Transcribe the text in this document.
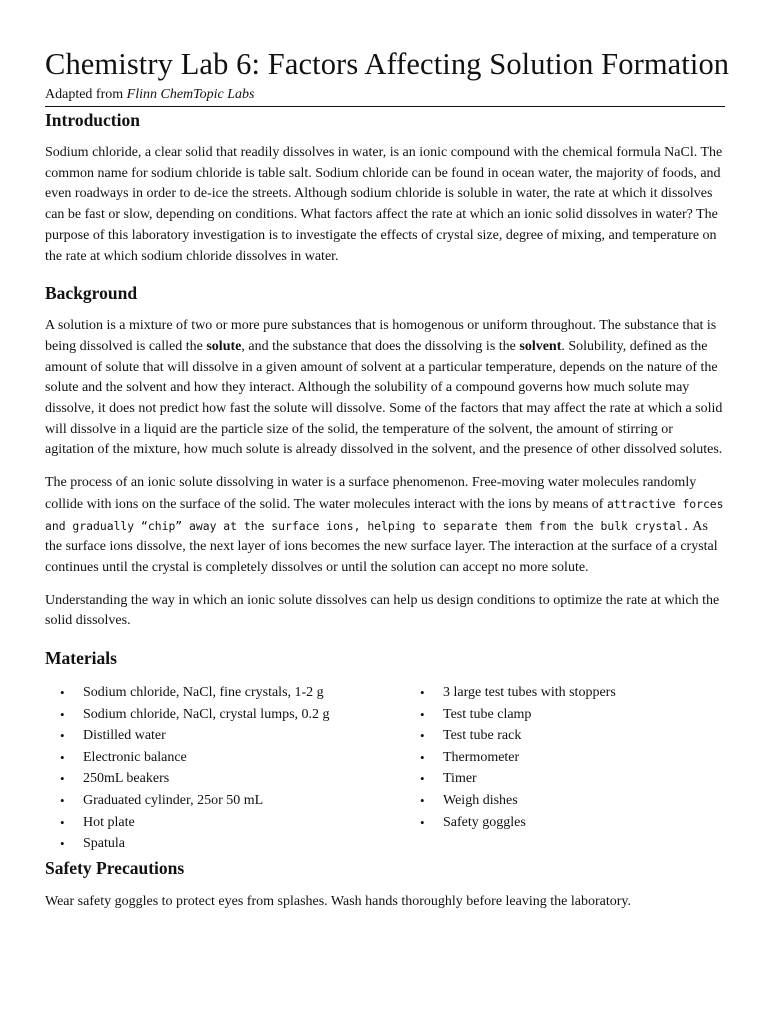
Chemistry Lab 6: Factors Affecting Solution Formation
Adapted from Flinn ChemTopic Labs
Introduction

Sodium chloride, a clear solid that readily dissolves in water, is an ionic compound with the chemical formula NaCl. The common name for sodium chloride is table salt. Sodium chloride can be found in ocean water, the majority of foods, and even roadways in order to de-ice the streets. Although sodium chloride is soluble in water, the rate at which it dissolves can be fast or slow, depending on conditions. What factors affect the rate at which an ionic solid dissolves in water? The purpose of this laboratory investigation is to investigate the effects of crystal size, degree of mixing, and temperature on the rate at which sodium chloride dissolves in water.

Background

A solution is a mixture of two or more pure substances that is homogenous or uniform throughout. The substance that is being dissolved is called the solute, and the substance that does the dissolving is the solvent. Solubility, defined as the amount of solute that will dissolve in a given amount of solvent at a particular temperature, depends on the nature of the solute and the solvent and how they interact. Although the solubility of a compound governs how much solute may dissolve, it does not predict how fast the solute will dissolve. Some of the factors that may affect the rate at which a solid will dissolve in a liquid are the particle size of the solid, the temperature of the solvent, the amount of stirring or agitation of the mixture, how much solute is already dissolved in the solvent, and the presence of other dissolved solutes.

The process of an ionic solute dissolving in water is a surface phenomenon. Free-moving water molecules randomly collide with ions on the surface of the solid. The water molecules interact with the ions by means of attractive forces and gradually “chip” away at the surface ions, helping to separate them from the bulk crystal. As the surface ions dissolve, the next layer of ions becomes the new surface layer. The interaction at the surface of a crystal continues until the crystal is completely dissolves or until the solution can accept no more solute.

Understanding the way in which an ionic solute dissolves can help us design conditions to optimize the rate at which the solid dissolves.

Materials
• Sodium chloride, NaCl, fine crystals, 1-2 g
• Sodium chloride, NaCl, crystal lumps, 0.2 g
• Distilled water
• Electronic balance
• 250mL beakers
• Graduated cylinder, 25or 50 mL
• Hot plate
• Spatula
• 3 large test tubes with stoppers
• Test tube clamp
• Test tube rack
• Thermometer
• Timer
• Weigh dishes
• Safety goggles
Safety Precautions

Wear safety goggles to protect eyes from splashes. Wash hands thoroughly before leaving the laboratory.
